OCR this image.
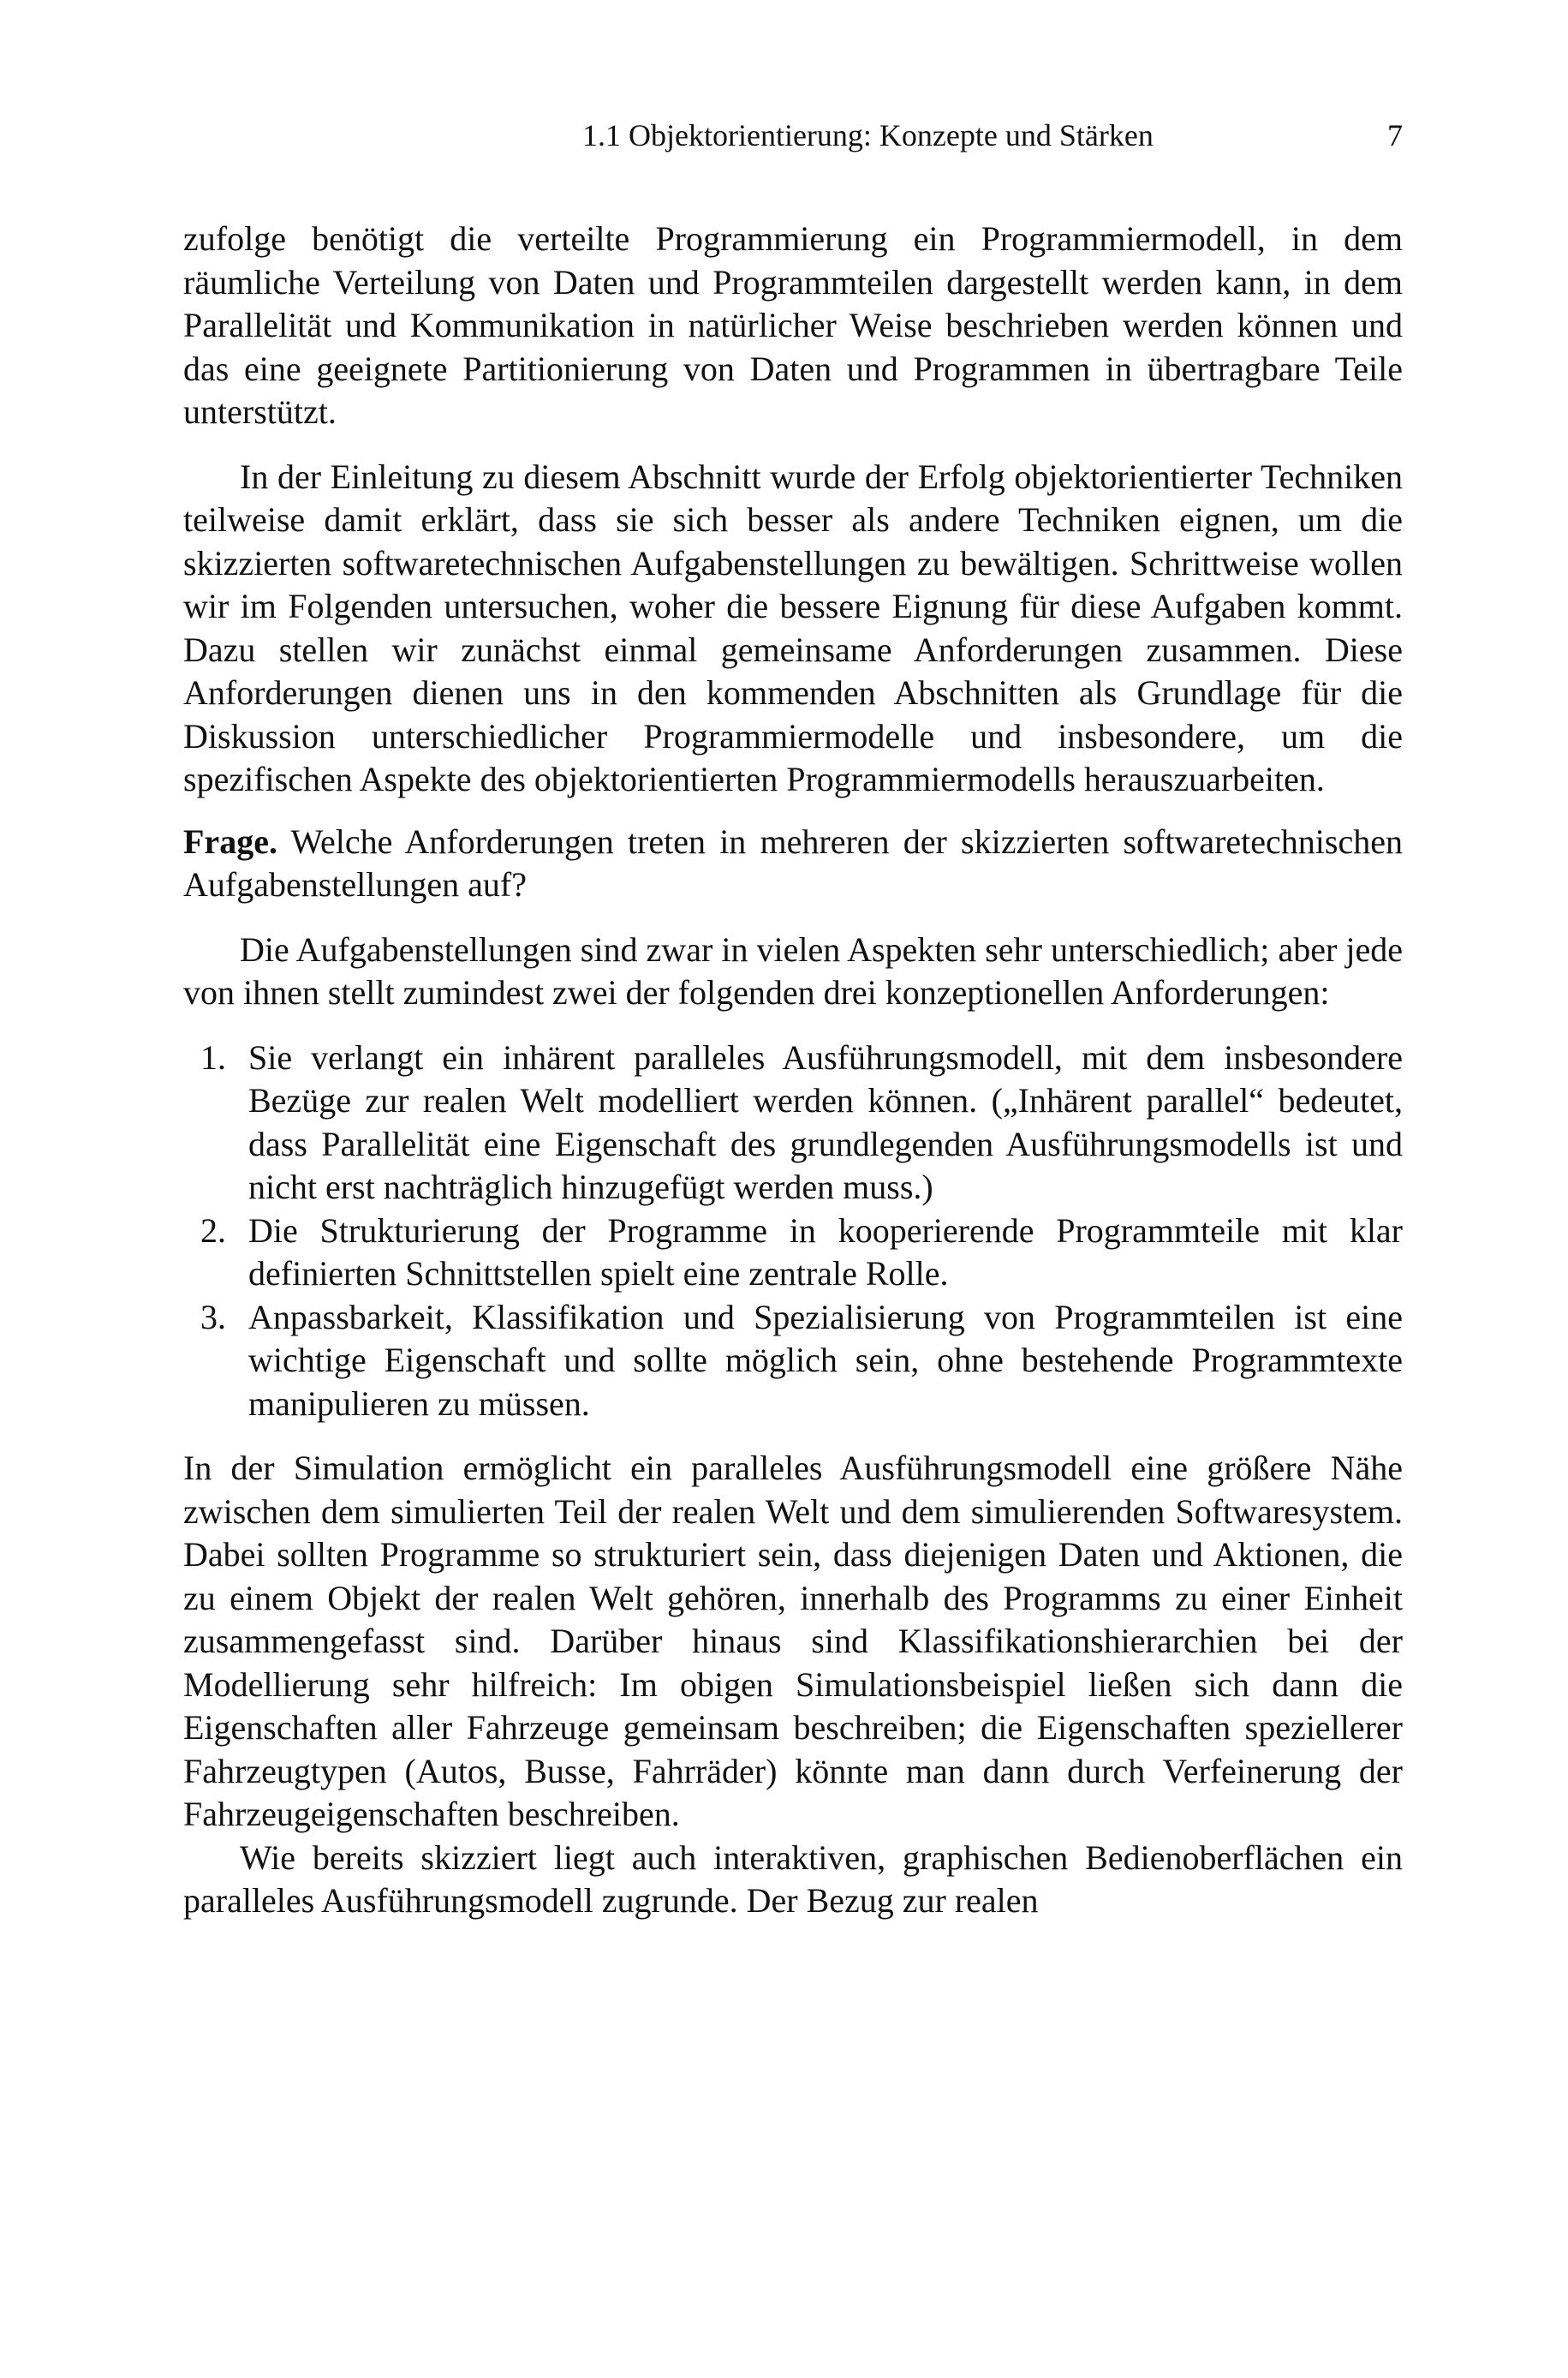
1.1 Objektorientierung: Konzepte und Stärken	7

zufolge benötigt die verteilte Programmierung ein Programmiermodell, in dem räumliche Verteilung von Daten und Programmteilen dargestellt werden kann, in dem Parallelität und Kommunikation in natürlicher Weise beschrieben werden können und das eine geeignete Partitionierung von Daten und Programmen in übertragbare Teile unterstützt.

In der Einleitung zu diesem Abschnitt wurde der Erfolg objektorientierter Techniken teilweise damit erklärt, dass sie sich besser als andere Techniken eignen, um die skizzierten softwaretechnischen Aufgabenstellungen zu bewältigen. Schrittweise wollen wir im Folgenden untersuchen, woher die bessere Eignung für diese Aufgaben kommt. Dazu stellen wir zunächst einmal gemeinsame Anforderungen zusammen. Diese Anforderungen dienen uns in den kommenden Abschnitten als Grundlage für die Diskussion unterschiedlicher Programmiermodelle und insbesondere, um die spezifischen Aspekte des objektorientierten Programmiermodells herauszuarbeiten.

Frage. Welche Anforderungen treten in mehreren der skizzierten softwaretechnischen Aufgabenstellungen auf?

Die Aufgabenstellungen sind zwar in vielen Aspekten sehr unterschiedlich; aber jede von ihnen stellt zumindest zwei der folgenden drei konzeptionellen Anforderungen:

1. Sie verlangt ein inhärent paralleles Ausführungsmodell, mit dem insbesondere Bezüge zur realen Welt modelliert werden können. („Inhärent parallel“ bedeutet, dass Parallelität eine Eigenschaft des grundlegenden Ausführungsmodells ist und nicht erst nachträglich hinzugefügt werden muss.)
2. Die Strukturierung der Programme in kooperierende Programmteile mit klar definierten Schnittstellen spielt eine zentrale Rolle.
3. Anpassbarkeit, Klassifikation und Spezialisierung von Programmteilen ist eine wichtige Eigenschaft und sollte möglich sein, ohne bestehende Programmtexte manipulieren zu müssen.

In der Simulation ermöglicht ein paralleles Ausführungsmodell eine größere Nähe zwischen dem simulierten Teil der realen Welt und dem simulierenden Softwaresystem. Dabei sollten Programme so strukturiert sein, dass diejenigen Daten und Aktionen, die zu einem Objekt der realen Welt gehören, innerhalb des Programms zu einer Einheit zusammengefasst sind. Darüber hinaus sind Klassifikationshierarchien bei der Modellierung sehr hilfreich: Im obigen Simulationsbeispiel ließen sich dann die Eigenschaften aller Fahrzeuge gemeinsam beschreiben; die Eigenschaften speziellerer Fahrzeugtypen (Autos, Busse, Fahrräder) könnte man dann durch Verfeinerung der Fahrzeugeigenschaften beschreiben.

Wie bereits skizziert liegt auch interaktiven, graphischen Bedienoberflächen ein paralleles Ausführungsmodell zugrunde. Der Bezug zur realen
